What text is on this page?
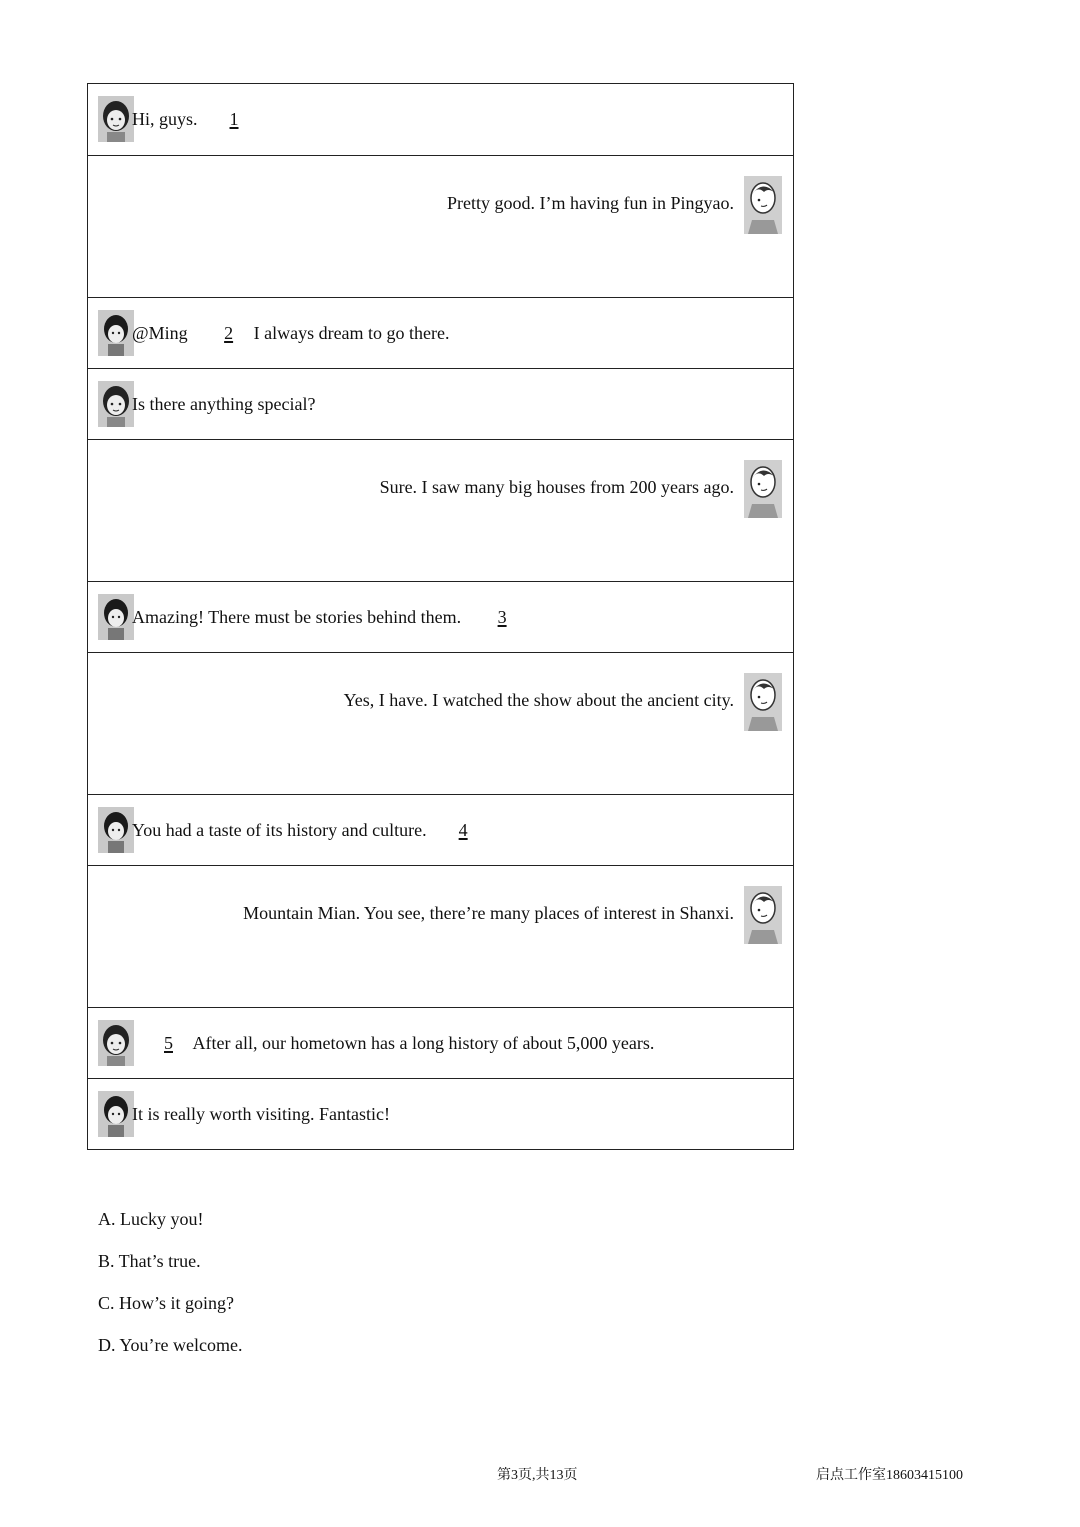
Hi, guys. 1
Pretty good. I’m having fun in Pingyao.
@Ming 2 I always dream to go there.
Is there anything special?
Sure. I saw many big houses from 200 years ago.
Amazing! There must be stories behind them. 3
Yes, I have. I watched the show about the ancient city.
You had a taste of its history and culture. 4
Mountain Mian. You see, there’re many places of interest in Shanxi.
5 After all, our hometown has a long history of about 5,000 years.
It is really worth visiting. Fantastic!
A. Lucky you!
B. That’s true.
C. How’s it going?
D. You’re welcome.
第3页,共13页	启点工作室18603415100
